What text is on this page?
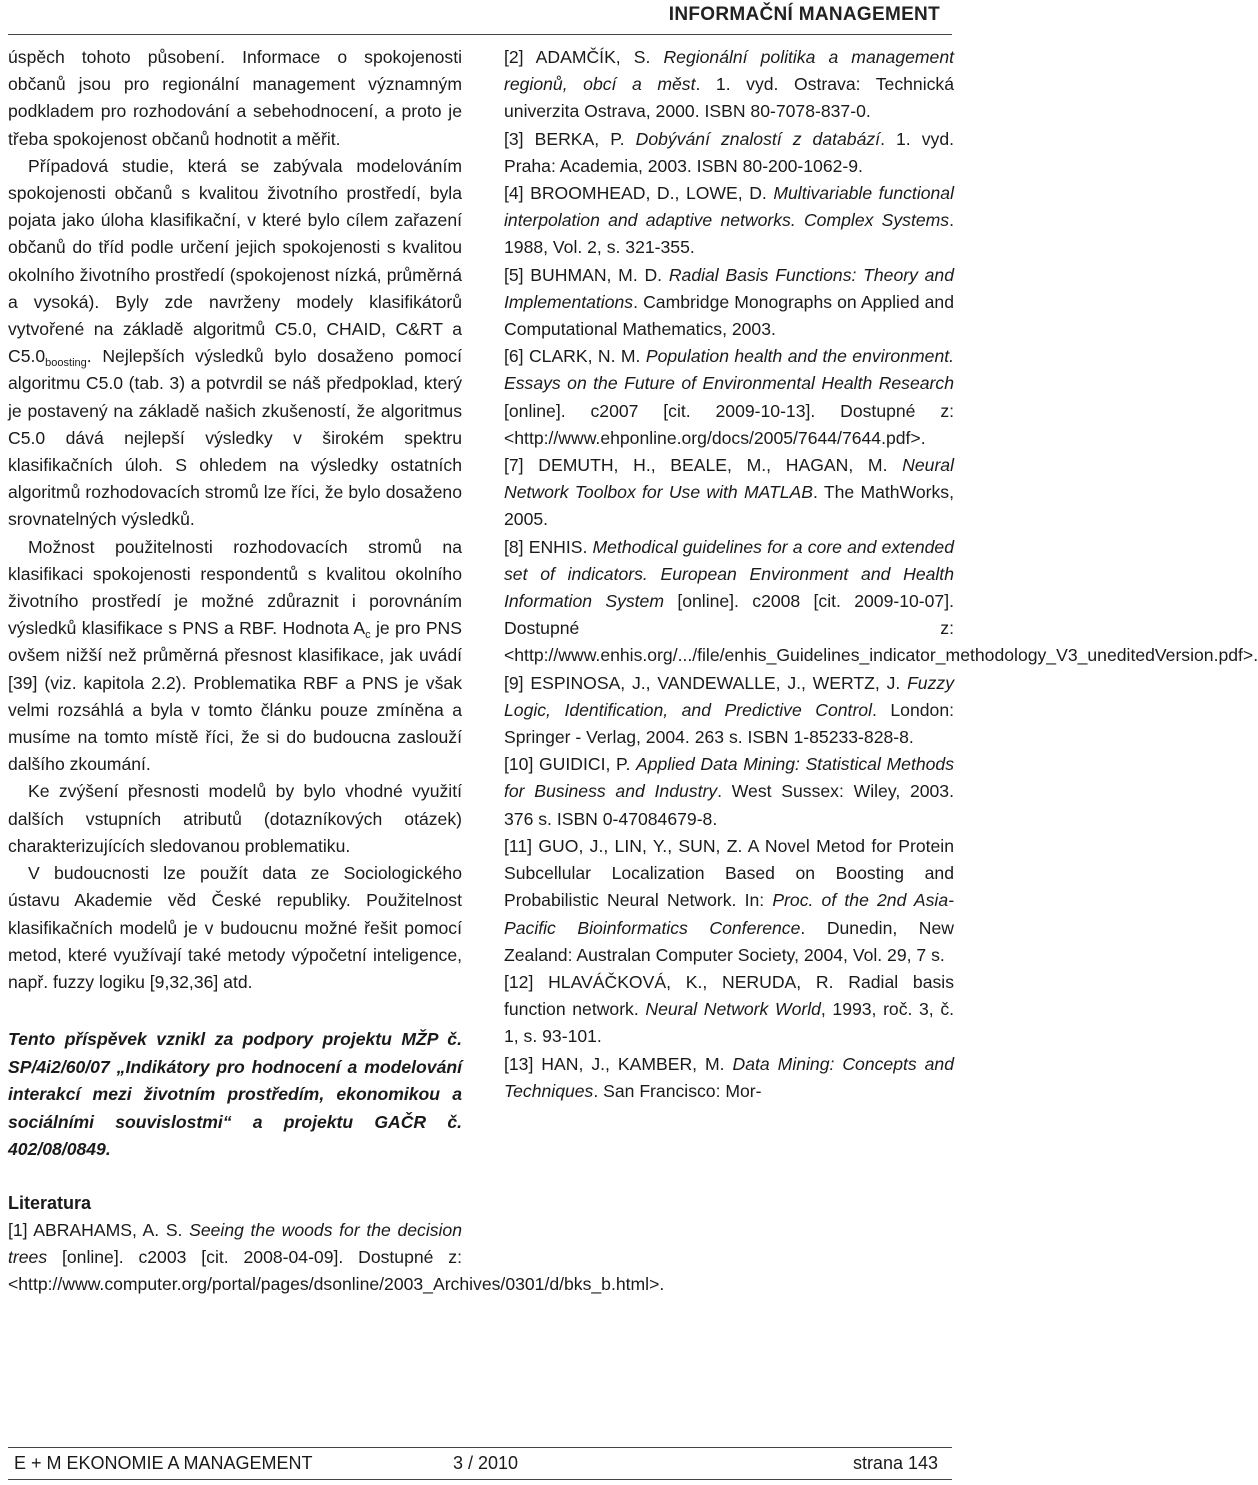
INFORMAČNÍ MANAGEMENT

úspěch tohoto působení. Informace o spokojenosti občanů jsou pro regionální management významným podkladem pro rozhodování a sebehodnocení, a proto je třeba spokojenost občanů hodnotit a měřit.

Případová studie, která se zabývala modelováním spokojenosti občanů s kvalitou životního prostředí, byla pojata jako úloha klasifikační, v které bylo cílem zařazení občanů do tříd podle určení jejich spokojenosti s kvalitou okolního životního prostředí (spokojenost nízká, průměrná a vysoká). Byly zde navrženy modely klasifikátorů vytvořené na základě algoritmů C5.0, CHAID, C&RT a $C5.0_{boosting}$. Nejlepších výsledků bylo dosaženo pomocí algoritmu C5.0 (tab. 3) a potvrdil se náš předpoklad, který je postavený na základě našich zkušeností, že algoritmus C5.0 dává nejlepší výsledky v širokém spektru klasifikačních úloh. S ohledem na výsledky ostatních algoritmů rozhodovacích stromů lze říci, že bylo dosaženo srovnatelných výsledků.

Možnost použitelnosti rozhodovacích stromů na klasifikaci spokojenosti respondentů s kvalitou okolního životního prostředí je možné zdůraznit i porovnáním výsledků klasifikace s PNS a RBF. Hodnota $A_c$ je pro PNS ovšem nižší než průměrná přesnost klasifikace, jak uvádí [39] (viz. kapitola 2.2). Problematika RBF a PNS je však velmi rozsáhlá a byla v tomto článku pouze zmíněna a musíme na tomto místě říci, že si do budoucna zaslouží dalšího zkoumání.

Ke zvýšení přesnosti modelů by bylo vhodné využití dalších vstupních atributů (dotazníkových otázek) charakterizujících sledovanou problematiku.

V budoucnosti lze použít data ze Sociologického ústavu Akademie věd České republiky. Použitelnost klasifikačních modelů je v budoucnu možné řešit pomocí metod, které využívají také metody výpočetní inteligence, např. fuzzy logiku [9,32,36] atd.

Tento příspěvek vznikl za podpory projektu MŽP č. SP/4i2/60/07 „Indikátory pro hodnocení a modelování interakcí mezi životním prostředím, ekonomikou a sociálními souvislostmi“ a projektu GAČR č. 402/08/0849.

Literatura

[1] ABRAHAMS, A. S. Seeing the woods for the decision trees [online]. c2003 [cit. 2008-04-09]. Dostupné z: <http://www.computer.org/portal/pages/dsonline/2003_Archives/0301/d/bks_b.html>.

[2] ADAMČÍK, S. Regionální politika a management regionů, obcí a měst. 1. vyd. Ostrava: Technická univerzita Ostrava, 2000. ISBN 80-7078-837-0.

[3] BERKA, P. Dobývání znalostí z databází. 1. vyd. Praha: Academia, 2003. ISBN 80-200-1062-9.

[4] BROOMHEAD, D., LOWE, D. Multivariable functional interpolation and adaptive networks. Complex Systems. 1988, Vol. 2, s. 321-355.

[5] BUHMAN, M. D. Radial Basis Functions: Theory and Implementations. Cambridge Monographs on Applied and Computational Mathematics, 2003.

[6] CLARK, N. M. Population health and the environment. Essays on the Future of Environmental Health Research [online]. c2007 [cit. 2009-10-13]. Dostupné z: <http://www.ehponline.org/docs/2005/7644/7644.pdf>.

[7] DEMUTH, H., BEALE, M., HAGAN, M. Neural Network Toolbox for Use with MATLAB. The MathWorks, 2005.

[8] ENHIS. Methodical guidelines for a core and extended set of indicators. European Environment and Health Information System [online]. c2008 [cit. 2009-10-07]. Dostupné z: <http://www.enhis.org/.../file/enhis_Guidelines_indicator_methodology_V3_uneditedVersion.pdf>.

[9] ESPINOSA, J., VANDEWALLE, J., WERTZ, J. Fuzzy Logic, Identification, and Predictive Control. London: Springer - Verlag, 2004. 263 s. ISBN 1-85233-828-8.

[10] GUIDICI, P. Applied Data Mining: Statistical Methods for Business and Industry. West Sussex: Wiley, 2003. 376 s. ISBN 0-47084679-8.

[11] GUO, J., LIN, Y., SUN, Z. A Novel Metod for Protein Subcellular Localization Based on Boosting and Probabilistic Neural Network. In: Proc. of the 2nd Asia-Pacific Bioinformatics Conference. Dunedin, New Zealand: Australan Computer Society, 2004, Vol. 29, 7 s.

[12] HLAVÁČKOVÁ, K., NERUDA, R. Radial basis function network. Neural Network World, 1993, roč. 3, č. 1, s. 93-101.

[13] HAN, J., KAMBER, M. Data Mining: Concepts and Techniques. San Francisco: Mor-

E + M EKONOMIE A MANAGEMENT	3 / 2010	strana 143
